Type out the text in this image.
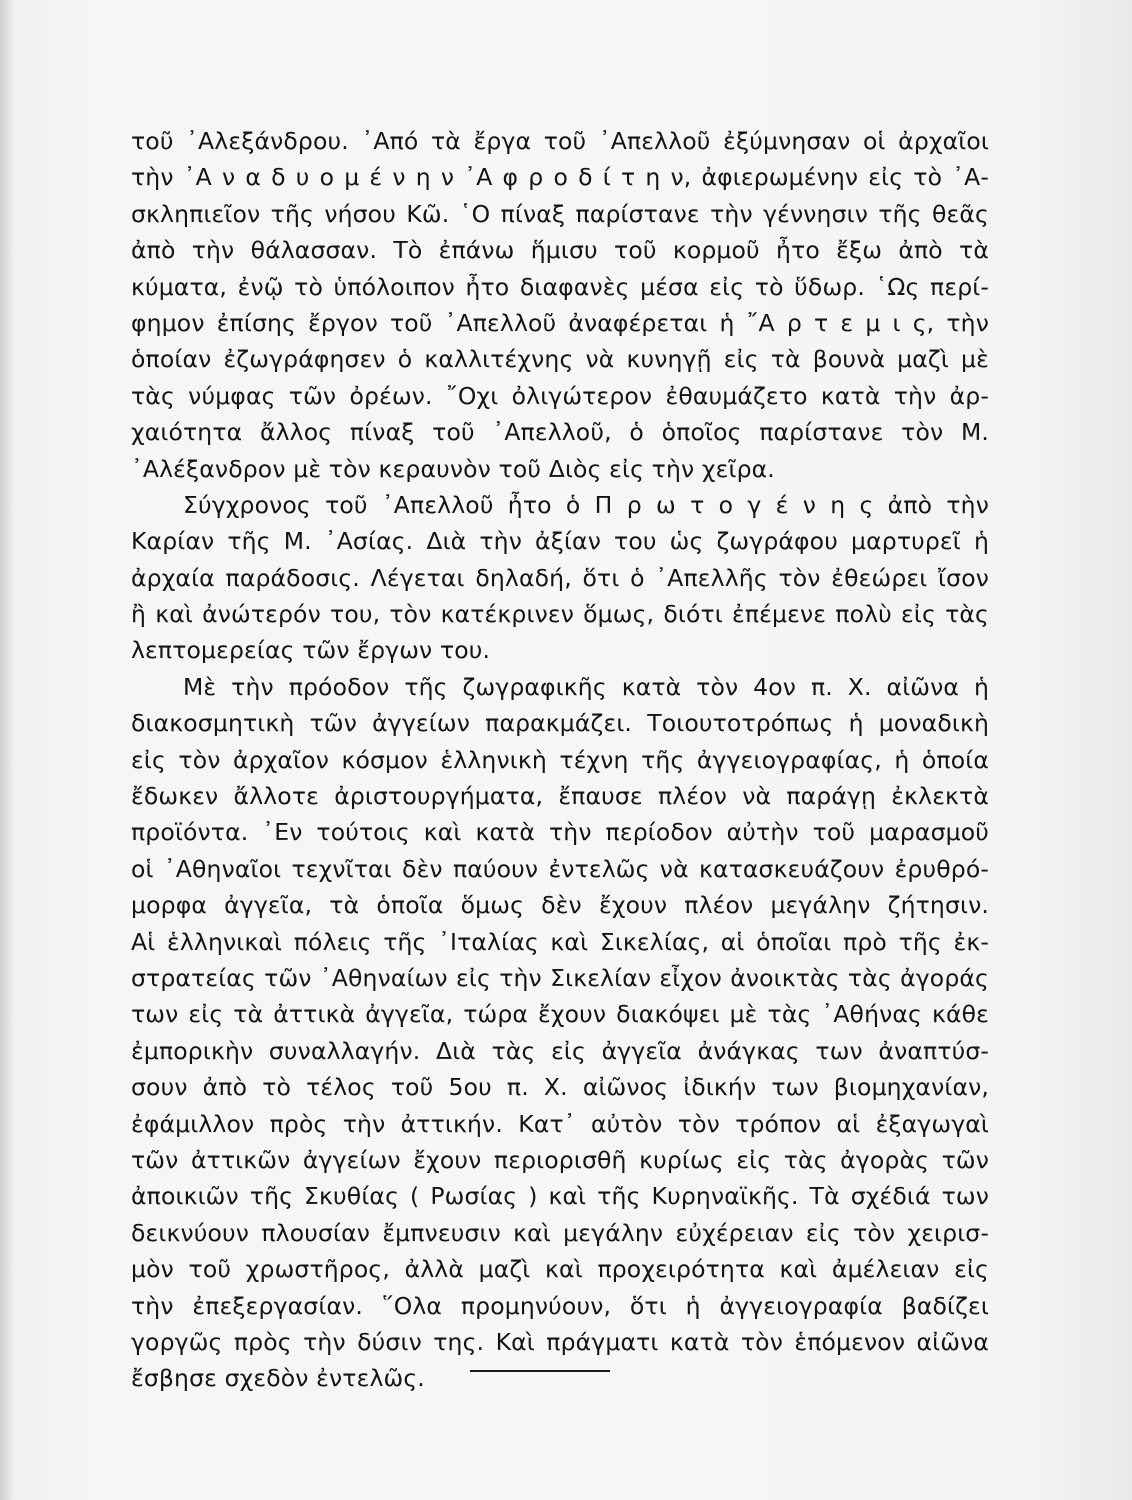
τοῦ ᾿Αλεξάνδρου. ᾿Από τὰ ἔργα τοῦ ᾿Απελλοῦ ἐξύμνησαν οἱ ἀρχαῖοι
τὴν ᾿Α ν α δ υ ο μ έ ν η ν ᾿Α φ ρ ο δ ί τ η ν, ἀφιερωμένην εἰς τὸ ᾿Α-
σκληπιεῖον τῆς νήσου Κῶ. ῾Ο πίναξ παρίστανε τὴν γέννησιν τῆς θεᾶς
ἀπὸ τὴν θάλασσαν. Τὸ ἐπάνω ἥμισυ τοῦ κορμοῦ ἦτο ἔξω ἀπὸ τὰ
κύματα, ἐνῷ τὸ ὑπόλοιπον ἦτο διαφανὲς μέσα εἰς τὸ ὕδωρ. ῾Ως περί-
φημον ἐπίσης ἔργον τοῦ ᾿Απελλοῦ ἀναφέρεται ἡ ῎Α ρ τ ε μ ι ς, τὴν
ὁποίαν ἐζωγράφησεν ὁ καλλιτέχνης νὰ κυνηγῇ εἰς τὰ βουνὰ μαζὶ μὲ
τὰς νύμφας τῶν ὀρέων. ῎Οχι ὀλιγώτερον ἐθαυμάζετο κατὰ τὴν ἀρ-
χαιότητα ἄλλος πίναξ τοῦ ᾿Απελλοῦ, ὁ ὁποῖος παρίστανε τὸν Μ.
᾿Αλέξανδρον μὲ τὸν κεραυνὸν τοῦ Διὸς εἰς τὴν χεῖρα.
Σύγχρονος τοῦ ᾿Απελλοῦ ἦτο ὁ Π ρ ω τ ο γ έ ν η ς ἀπὸ τὴν
Καρίαν τῆς Μ. ᾿Ασίας. Διὰ τὴν ἀξίαν του ὡς ζωγράφου μαρτυρεῖ ἡ
ἀρχαία παράδοσις. Λέγεται δηλαδή, ὅτι ὁ ᾿Απελλῆς τὸν ἐθεώρει ἴσον
ἢ καὶ ἀνώτερόν του, τὸν κατέκρινεν ὅμως, διότι ἐπέμενε πολὺ εἰς τὰς
λεπτομερείας τῶν ἔργων του.
Μὲ τὴν πρόοδον τῆς ζωγραφικῆς κατὰ τὸν 4ον π. Χ. αἰῶνα ἡ
διακοσμητικὴ τῶν ἀγγείων παρακμάζει. Τοιουτοτρόπως ἡ μοναδικὴ
εἰς τὸν ἀρχαῖον κόσμον ἑλληνικὴ τέχνη τῆς ἀγγειογραφίας, ἡ ὁποία
ἔδωκεν ἄλλοτε ἀριστουργήματα, ἔπαυσε πλέον νὰ παράγῃ ἐκλεκτὰ
προϊόντα. ᾿Εν τούτοις καὶ κατὰ τὴν περίοδον αὐτὴν τοῦ μαρασμοῦ
οἱ ᾿Αθηναῖοι τεχνῖται δὲν παύουν ἐντελῶς νὰ κατασκευάζουν ἐρυθρό-
μορφα ἀγγεῖα, τὰ ὁποῖα ὅμως δὲν ἔχουν πλέον μεγάλην ζήτησιν.
Αἱ ἑλληνικαὶ πόλεις τῆς ᾿Ιταλίας καὶ Σικελίας, αἱ ὁποῖαι πρὸ τῆς ἐκ-
στρατείας τῶν ᾿Αθηναίων εἰς τὴν Σικελίαν εἶχον ἀνοικτὰς τὰς ἀγοράς
των εἰς τὰ ἀττικὰ ἀγγεῖα, τώρα ἔχουν διακόψει μὲ τὰς ᾿Αθήνας κάθε
ἐμπορικὴν συναλλαγήν. Διὰ τὰς εἰς ἀγγεῖα ἀνάγκας των ἀναπτύσ-
σουν ἀπὸ τὸ τέλος τοῦ 5ου π. Χ. αἰῶνος ἰδικήν των βιομηχανίαν,
ἐφάμιλλον πρὸς τὴν ἀττικήν. Κατ᾿ αὐτὸν τὸν τρόπον αἱ ἐξαγωγαὶ
τῶν ἀττικῶν ἀγγείων ἔχουν περιορισθῆ κυρίως εἰς τὰς ἀγορὰς τῶν
ἀποικιῶν τῆς Σκυθίας ( Ρωσίας ) καὶ τῆς Κυρηναϊκῆς. Τὰ σχέδιά των
δεικνύουν πλουσίαν ἔμπνευσιν καὶ μεγάλην εὐχέρειαν εἰς τὸν χειρισ-
μὸν τοῦ χρωστῆρος, ἀλλὰ μαζὶ καὶ προχειρότητα καὶ ἀμέλειαν εἰς
τὴν ἐπεξεργασίαν. ῞Ολα προμηνύουν, ὅτι ἡ ἀγγειογραφία βαδίζει
γοργῶς πρὸς τὴν δύσιν της. Καὶ πράγματι κατὰ τὸν ἑπόμενον αἰῶνα
ἔσβησε σχεδὸν ἐντελῶς.
